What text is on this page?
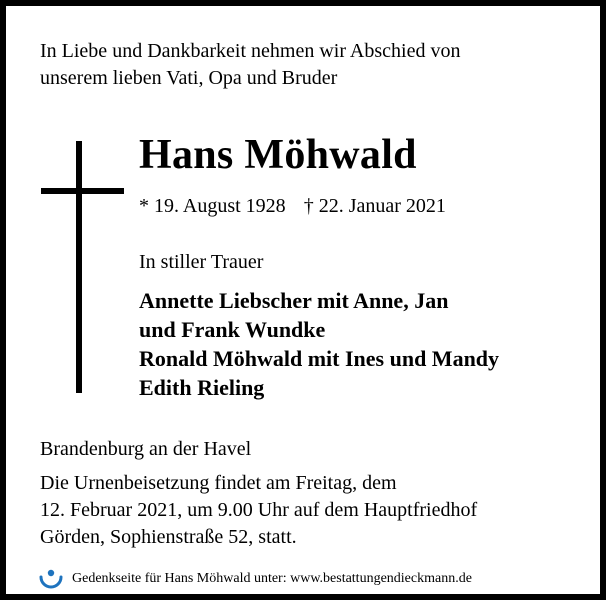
In Liebe und Dankbarkeit nehmen wir Abschied von
unserem lieben Vati, Opa und Bruder
Hans Möhwald
* 19. August 1928 † 22. Januar 2021
In stiller Trauer
Annette Liebscher mit Anne, Jan
und Frank Wundke
Ronald Möhwald mit Ines und Mandy
Edith Rieling
Brandenburg an der Havel
Die Urnenbeisetzung findet am Freitag, dem
12. Februar 2021, um 9.00 Uhr auf dem Hauptfriedhof
Görden, Sophienstraße 52, statt.
Gedenkseite für Hans Möhwald unter: www.bestattungendieckmann.de
